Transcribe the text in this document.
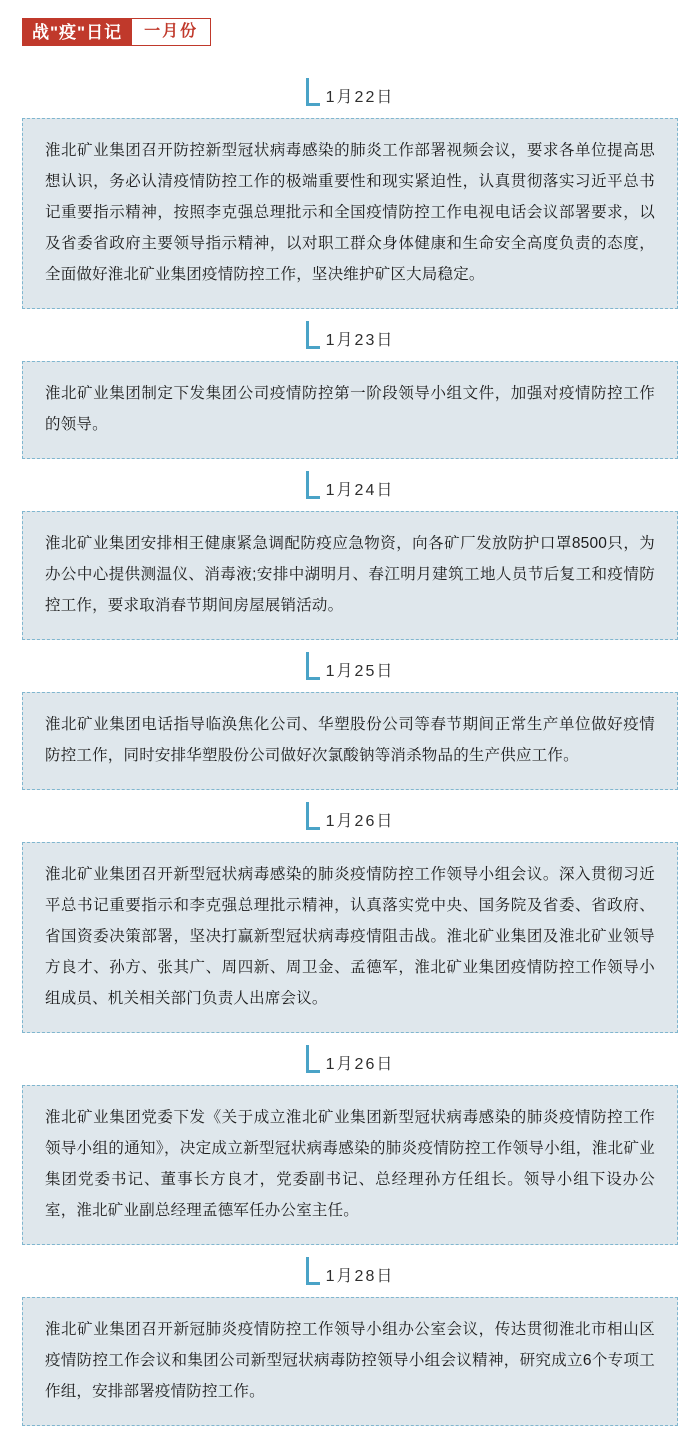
战"疫"日记	一月份
1月22日

淮北矿业集团召开防控新型冠状病毒感染的肺炎工作部署视频会议，要求各单位提高思想认识，务必认清疫情防控工作的极端重要性和现实紧迫性，认真贯彻落实习近平总书记重要指示精神，按照李克强总理批示和全国疫情防控工作电视电话会议部署要求，以及省委省政府主要领导指示精神，以对职工群众身体健康和生命安全高度负责的态度，全面做好淮北矿业集团疫情防控工作，坚决维护矿区大局稳定。

1月23日

淮北矿业集团制定下发集团公司疫情防控第一阶段领导小组文件，加强对疫情防控工作的领导。

1月24日

淮北矿业集团安排相王健康紧急调配防疫应急物资，向各矿厂发放防护口罩8500只，为办公中心提供测温仪、消毒液;安排中湖明月、春江明月建筑工地人员节后复工和疫情防控工作，要求取消春节期间房屋展销活动。

1月25日

淮北矿业集团电话指导临涣焦化公司、华塑股份公司等春节期间正常生产单位做好疫情防控工作，同时安排华塑股份公司做好次氯酸钠等消杀物品的生产供应工作。

1月26日

淮北矿业集团召开新型冠状病毒感染的肺炎疫情防控工作领导小组会议。深入贯彻习近平总书记重要指示和李克强总理批示精神，认真落实党中央、国务院及省委、省政府、省国资委决策部署，坚决打赢新型冠状病毒疫情阻击战。淮北矿业集团及淮北矿业领导方良才、孙方、张其广、周四新、周卫金、孟德军，淮北矿业集团疫情防控工作领导小组成员、机关相关部门负责人出席会议。

1月26日

淮北矿业集团党委下发《关于成立淮北矿业集团新型冠状病毒感染的肺炎疫情防控工作领导小组的通知》，决定成立新型冠状病毒感染的肺炎疫情防控工作领导小组，淮北矿业集团党委书记、董事长方良才，党委副书记、总经理孙方任组长。领导小组下设办公室，淮北矿业副总经理孟德军任办公室主任。

1月28日

淮北矿业集团召开新冠肺炎疫情防控工作领导小组办公室会议，传达贯彻淮北市相山区疫情防控工作会议和集团公司新型冠状病毒防控领导小组会议精神，研究成立6个专项工作组，安排部署疫情防控工作。
